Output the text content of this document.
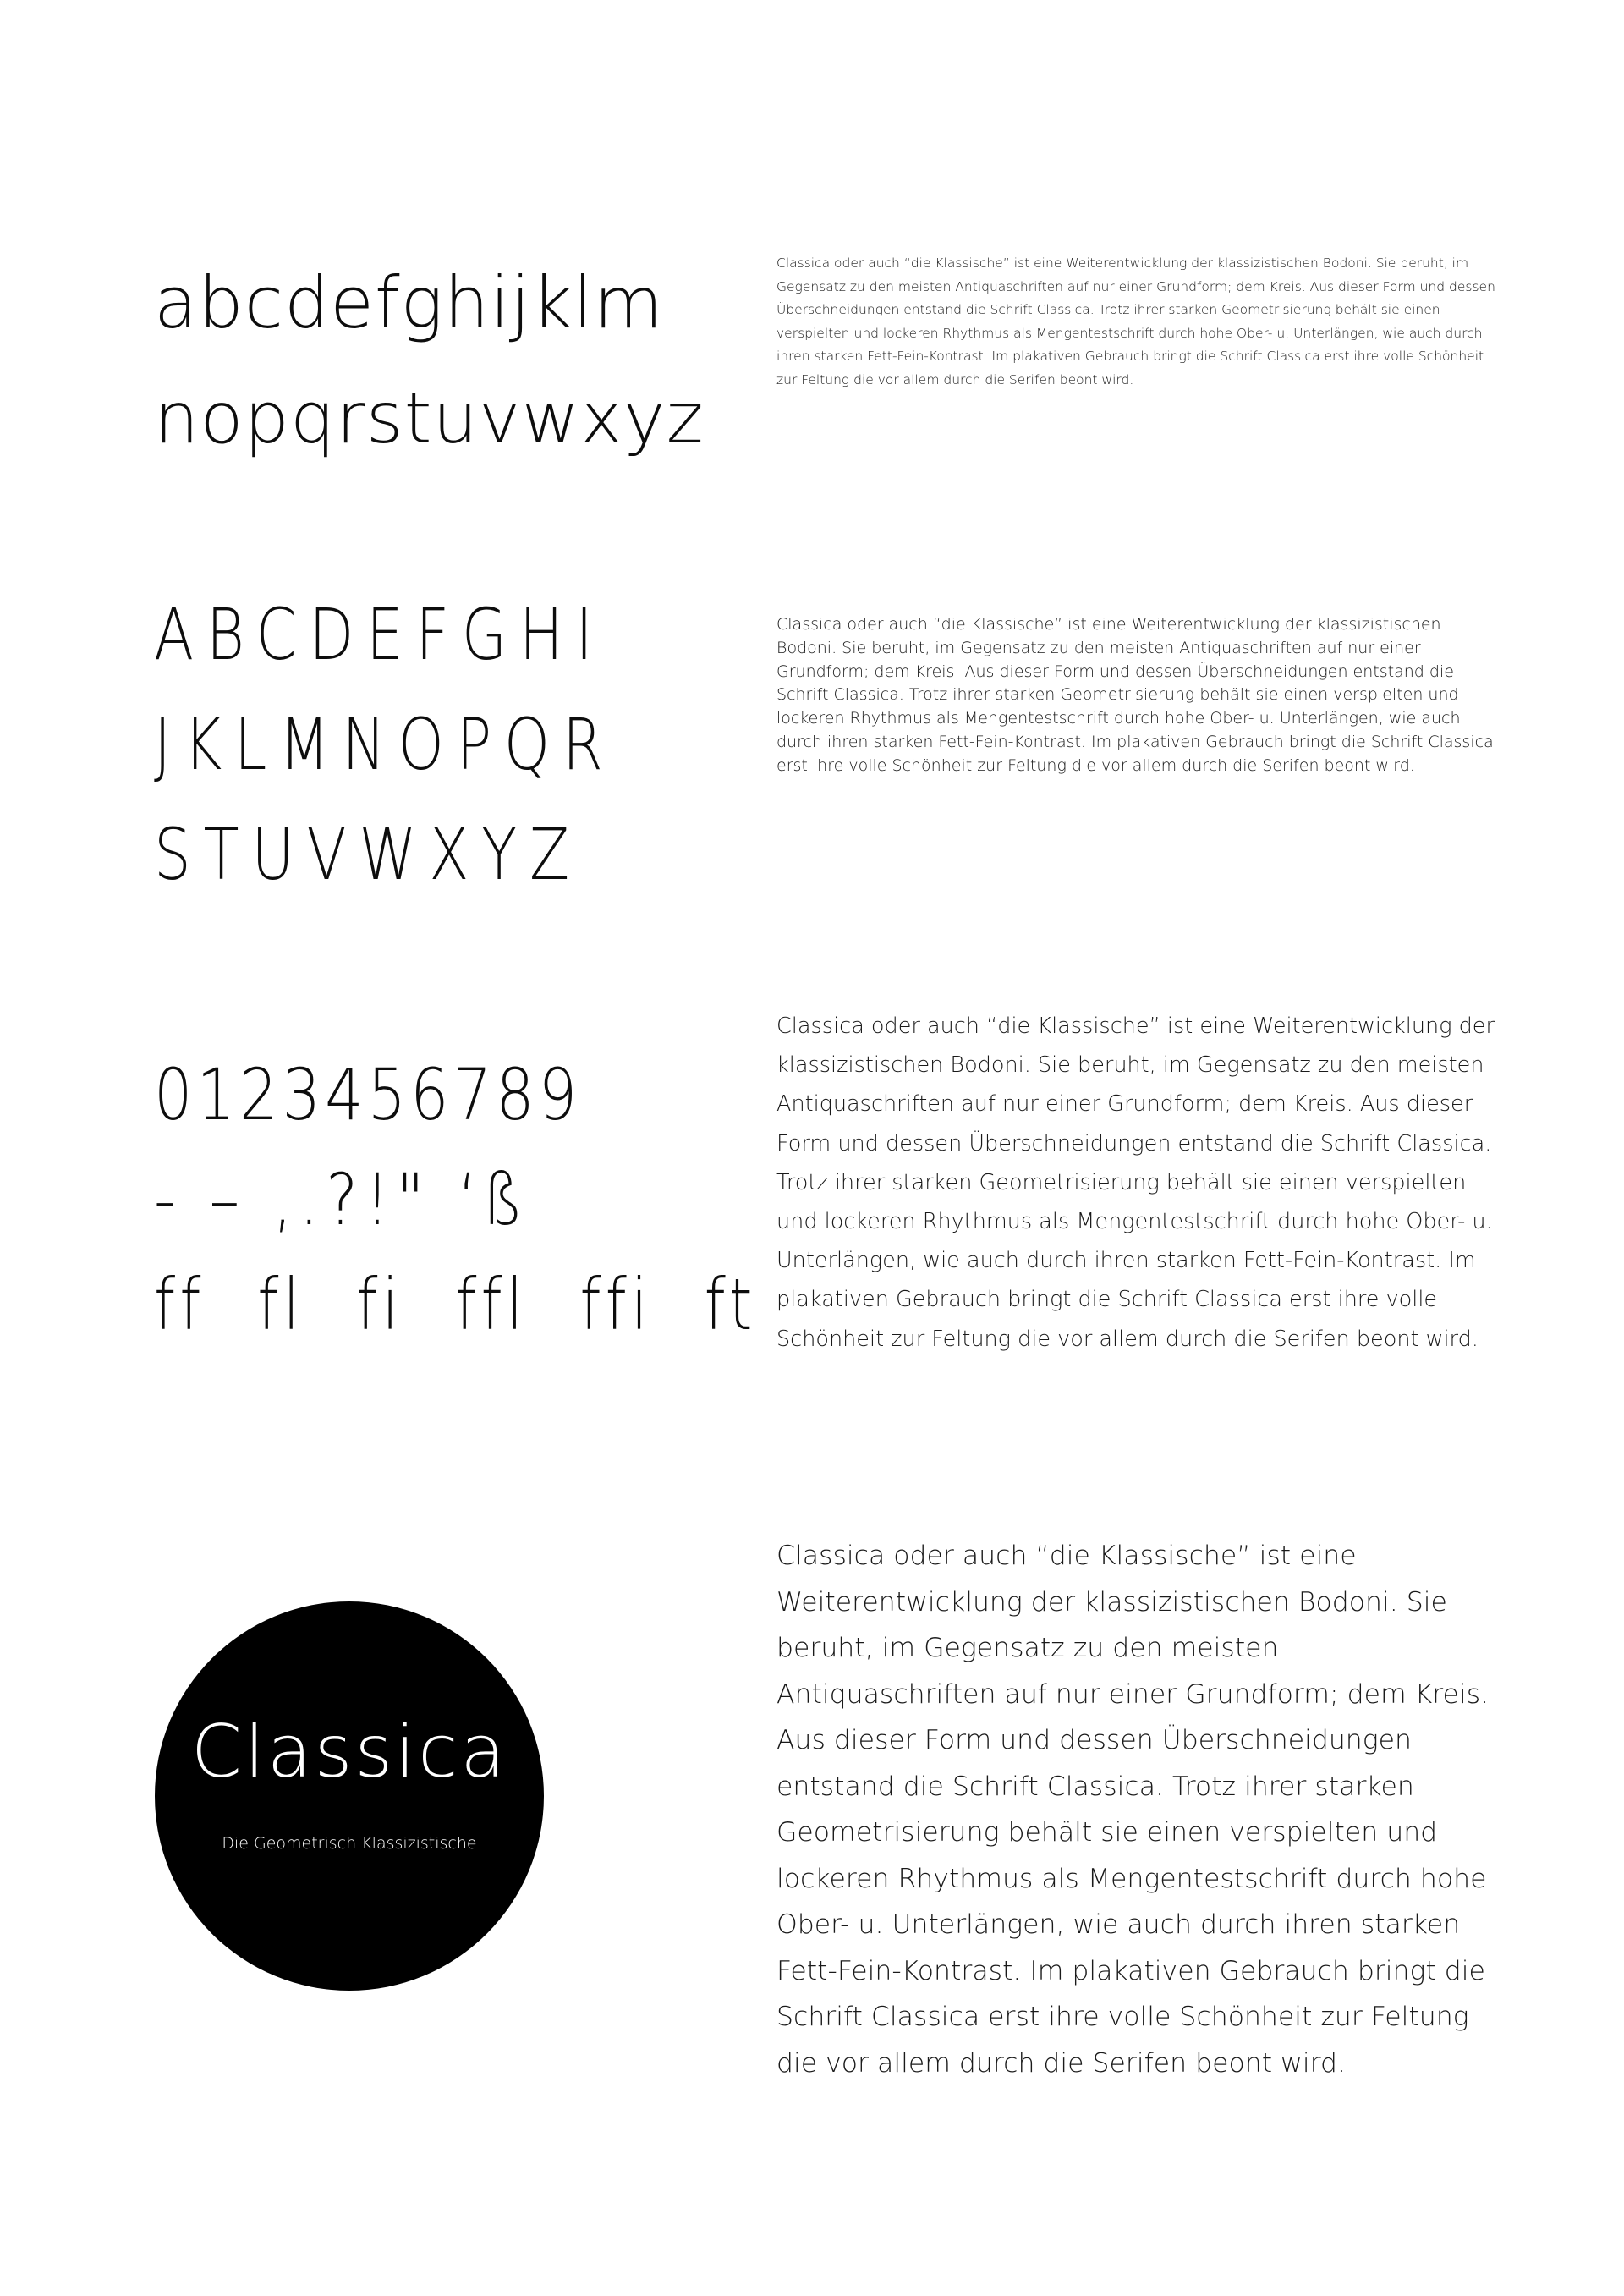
abcdefghijklm
nopqrstuvwxyz

Classica oder auch “die Klassische” ist eine Weiterentwicklung der klassizistischen Bodoni. Sie beruht, im Gegensatz zu den meisten Antiquaschriften auf nur einer Grundform; dem Kreis. Aus dieser Form und dessen Überschneidungen entstand die Schrift Classica. Trotz ihrer starken Geometrisierung behält sie einen verspielten und lockeren Rhythmus als Mengentestschrift durch hohe Ober- u. Unterlängen, wie auch durch ihren starken Fett-Fein-Kontrast. Im plakativen Gebrauch bringt die Schrift Classica erst ihre volle Schönheit zur Feltung die vor allem durch die Serifen beont wird.

ABCDEFGHI
JKLMNOPQR
STUVWXYZ

Classica oder auch “die Klassische” ist eine Weiterentwicklung der klassizistischen Bodoni. Sie beruht, im Gegensatz zu den meisten Antiquaschriften auf nur einer Grundform; dem Kreis. Aus dieser Form und dessen Überschneidungen entstand die Schrift Classica. Trotz ihrer starken Geometrisierung behält sie einen verspielten und lockeren Rhythmus als Mengentestschrift durch hohe Ober- u. Unterlängen, wie auch durch ihren starken Fett-Fein-Kontrast. Im plakativen Gebrauch bringt die Schrift Classica erst ihre volle Schönheit zur Feltung die vor allem durch die Serifen beont wird.

0123456789
- – ,.?!" ‘ß
ff fl fi ffl ffi ft

Classica oder auch “die Klassische” ist eine Weiterentwicklung der klassizistischen Bodoni. Sie beruht, im Gegensatz zu den meisten Antiquaschriften auf nur einer Grundform; dem Kreis. Aus dieser Form und dessen Überschneidungen entstand die Schrift Classica. Trotz ihrer starken Geometrisierung behält sie einen verspielten und lockeren Rhythmus als Mengentestschrift durch hohe Ober- u. Unterlängen, wie auch durch ihren starken Fett-Fein-Kontrast. Im plakativen Gebrauch bringt die Schrift Classica erst ihre volle Schönheit zur Feltung die vor allem durch die Serifen beont wird.

Classica
Die Geometrisch Klassizistische

Classica oder auch “die Klassische” ist eine Weiterentwicklung der klassizistischen Bodoni. Sie beruht, im Gegensatz zu den meisten Antiquaschriften auf nur einer Grundform; dem Kreis. Aus dieser Form und dessen Überschneidungen entstand die Schrift Classica. Trotz ihrer starken Geometrisierung behält sie einen verspielten und lockeren Rhythmus als Mengentestschrift durch hohe Ober- u. Unterlängen, wie auch durch ihren starken Fett-Fein-Kontrast. Im plakativen Gebrauch bringt die Schrift Classica erst ihre volle Schönheit zur Feltung die vor allem durch die Serifen beont wird.
